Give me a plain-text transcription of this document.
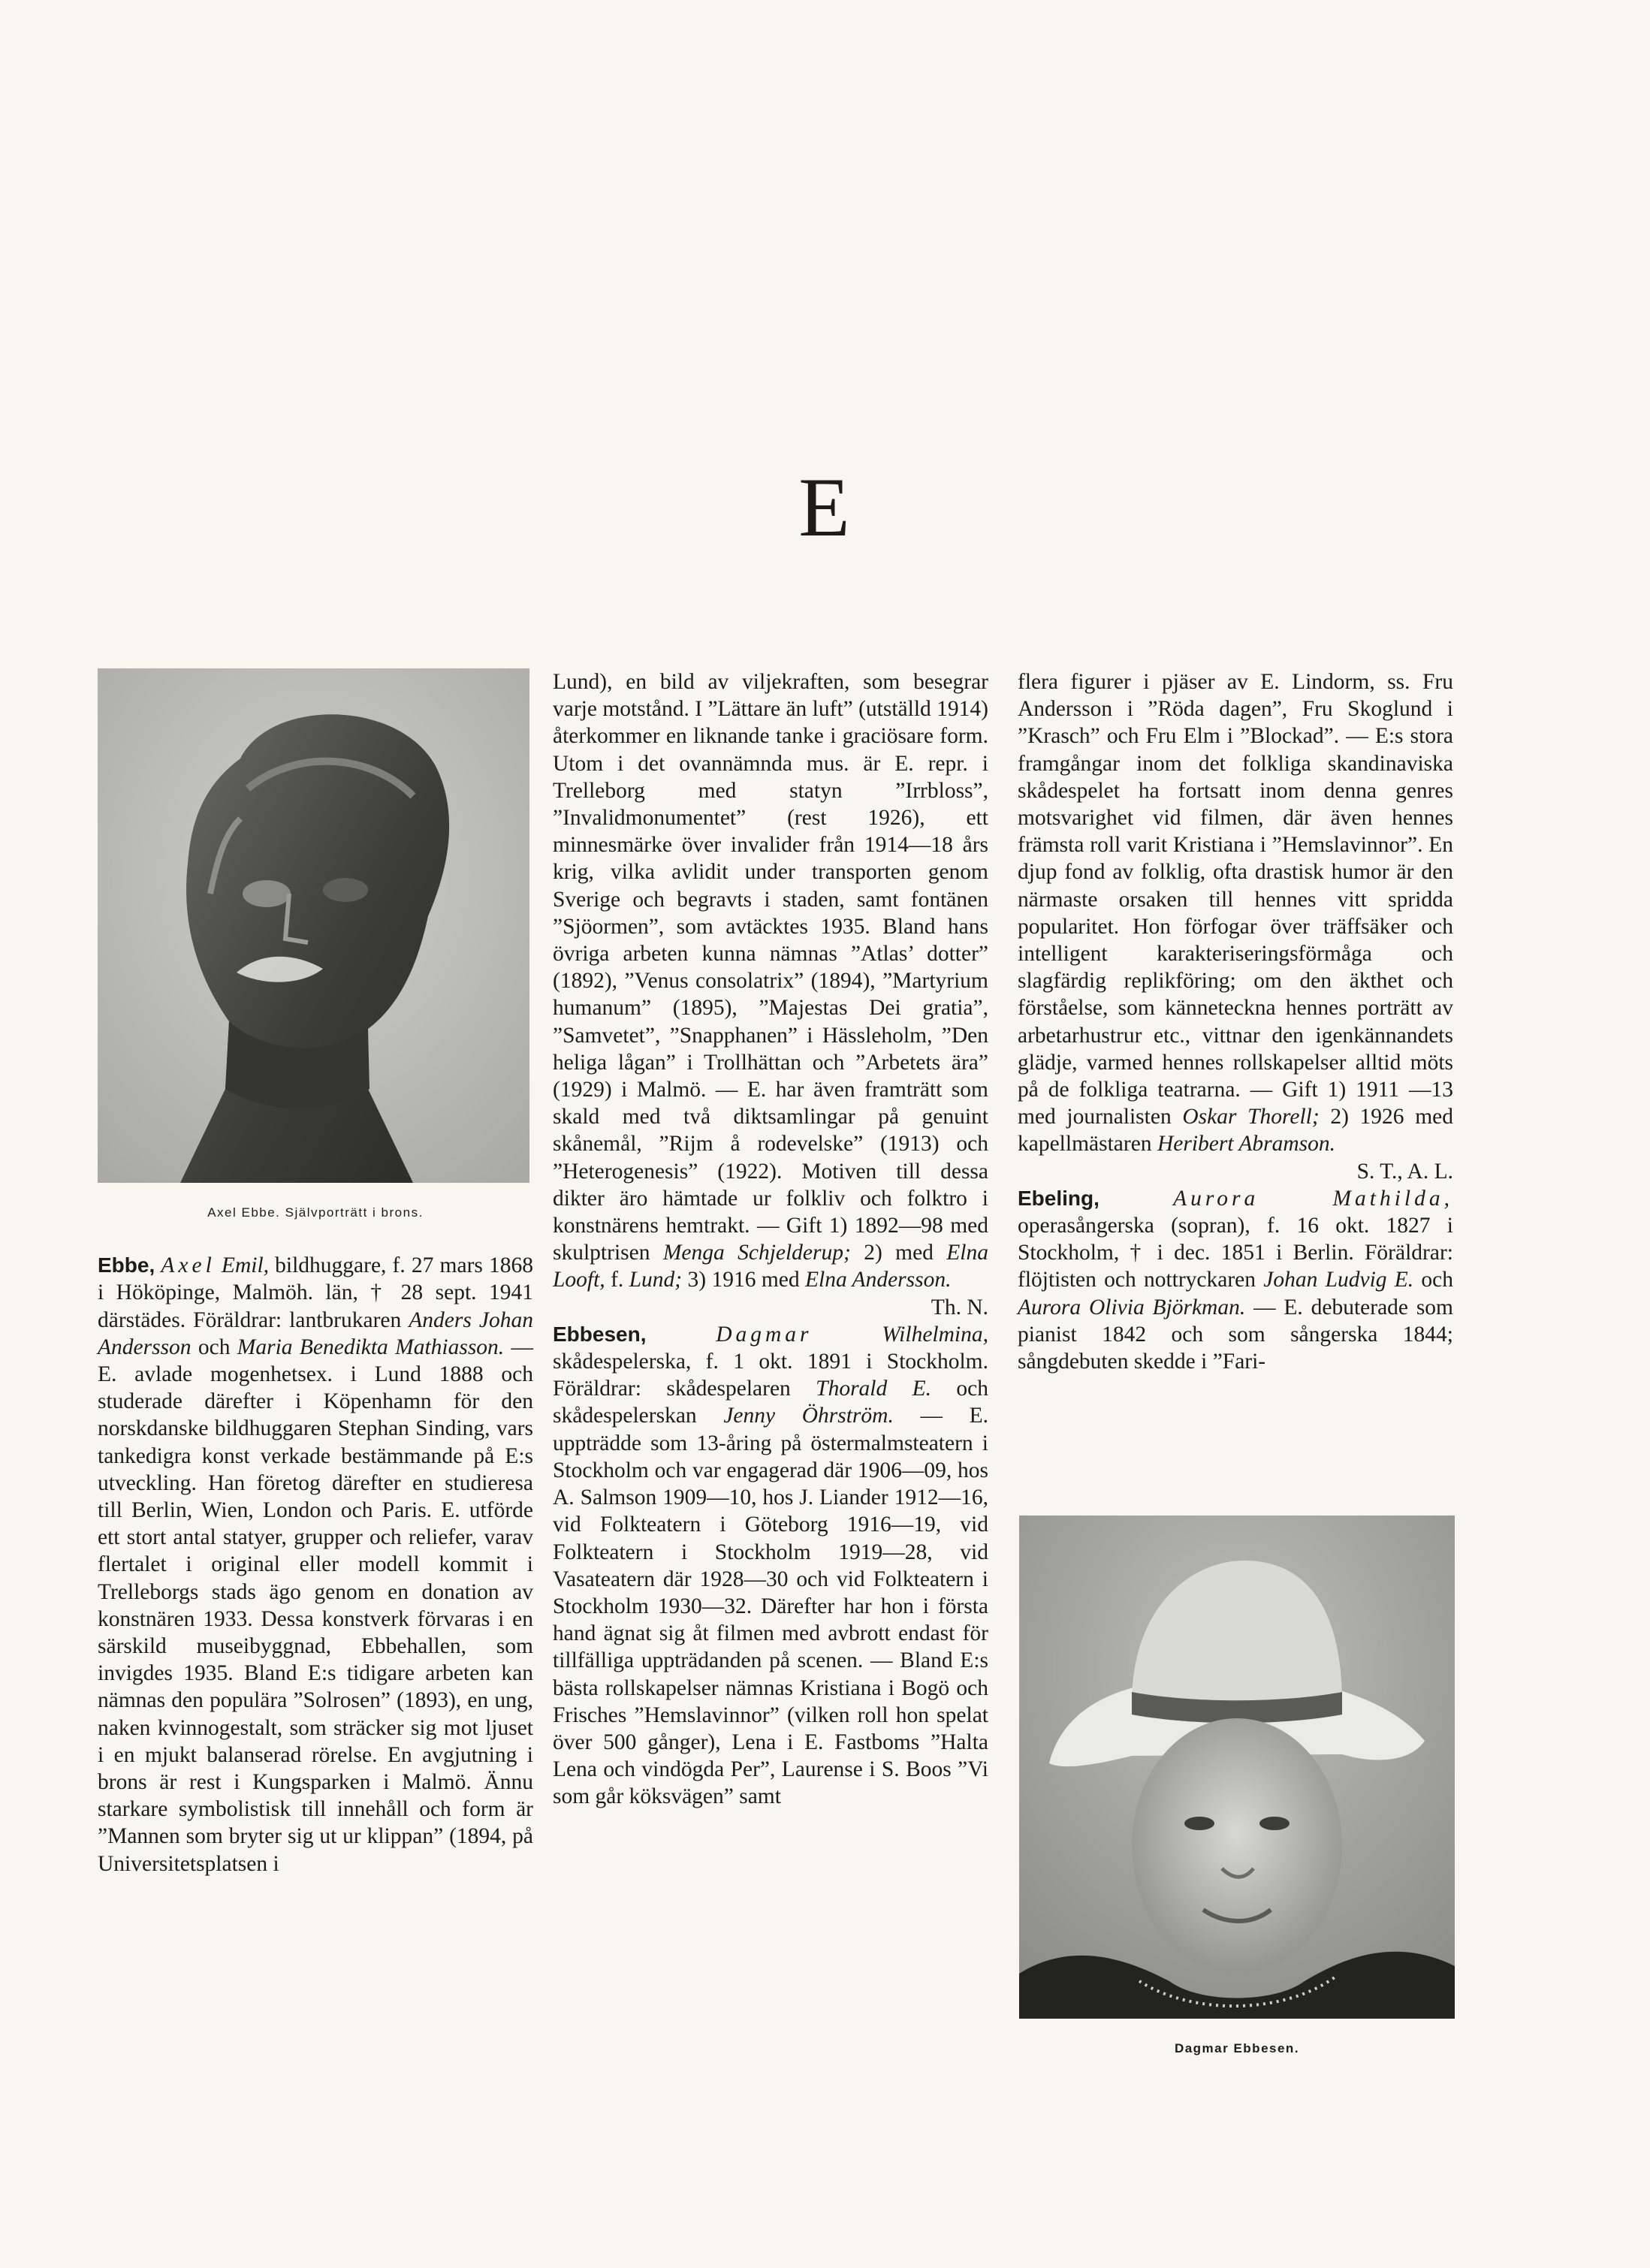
E
Axel Ebbe. Självporträtt i brons.

Ebbe, Axel Emil, bildhuggare, f. 27 mars 1868 i Hököpinge, Malmöh. län, † 28 sept. 1941 därstädes. Föräldrar: lantbrukaren Anders Johan Andersson och Maria Benedikta Mathiasson. — E. avlade mogenhetsex. i Lund 1888 och studerade därefter i Köpenhamn för den norskdanske bildhuggaren Stephan Sinding, vars tankedigra konst verkade bestämmande på E:s utveckling. Han företog därefter en studieresa till Berlin, Wien, London och Paris. E. utförde ett stort antal statyer, grupper och reliefer, varav flertalet i original eller modell kommit i Trelleborgs stads ägo genom en donation av konstnären 1933. Dessa konstverk förvaras i en särskild museibyggnad, Ebbehallen, som invigdes 1935. Bland E:s tidigare arbeten kan nämnas den populära ”Solrosen” (1893), en ung, naken kvinnogestalt, som sträcker sig mot ljuset i en mjukt balanserad rörelse. En avgjutning i brons är rest i Kungsparken i Malmö. Ännu starkare symbolistisk till innehåll och form är ”Mannen som bryter sig ut ur klippan” (1894, på Universitetsplatsen i

Lund), en bild av viljekraften, som besegrar varje motstånd. I ”Lättare än luft” (utställd 1914) återkommer en liknande tanke i graciösare form. Utom i det ovannämnda mus. är E. repr. i Trelleborg med statyn ”Irrbloss”, ”Invalidmonumentet” (rest 1926), ett minnesmärke över invalider från 1914—18 års krig, vilka avlidit under transporten genom Sverige och begravts i staden, samt fontänen ”Sjöormen”, som avtäcktes 1935. Bland hans övriga arbeten kunna nämnas ”Atlas’ dotter” (1892), ”Venus consolatrix” (1894), ”Martyrium humanum” (1895), ”Majestas Dei gratia”, ”Samvetet”, ”Snapphanen” i Hässleholm, ”Den heliga lågan” i Trollhättan och ”Arbetets ära” (1929) i Malmö. — E. har även framträtt som skald med två diktsamlingar på genuint skånemål, ”Rijm å rodevelske” (1913) och ”Heterogenesis” (1922). Motiven till dessa dikter äro hämtade ur folkliv och folktro i konstnärens hemtrakt. — Gift 1) 1892—98 med skulptrisen Menga Schjelderup; 2) med Elna Looft, f. Lund; 3) 1916 med Elna Andersson.

Th. N.

Ebbesen,	Dagmar	Wilhelmina, skådespelerska, f. 1 okt. 1891 i Stockholm. Föräldrar: skådespelaren Thorald E. och skådespelerskan Jenny Öhrström. — E. uppträdde som 13-åring på östermalmsteatern i Stockholm och var engagerad där 1906—09, hos A. Salmson 1909—10, hos J. Liander 1912—16, vid Folkteatern i Göteborg 1916—19, vid Folkteatern i Stockholm 1919—28, vid Vasateatern där 1928—30 och vid Folkteatern i Stockholm 1930—32. Därefter har hon i första hand ägnat sig åt filmen med avbrott endast för tillfälliga uppträdanden på scenen. — Bland E:s bästa rollskapelser nämnas Kristiana i Bogö och Frisches ”Hemslavinnor” (vilken roll hon spelat över 500 gånger), Lena i E. Fastboms ”Halta Lena och vindögda Per”, Laurense i S. Boos ”Vi som går köksvägen” samt

flera figurer i pjäser av E. Lindorm, ss. Fru Andersson i ”Röda dagen”, Fru Skoglund i ”Krasch” och Fru Elm i ”Blockad”. — E:s stora framgångar inom det folkliga skandinaviska skådespelet ha fortsatt inom denna genres motsvarighet vid filmen, där även hennes främsta roll varit Kristiana i ”Hemslavinnor”. En djup fond av folklig, ofta drastisk humor är den närmaste orsaken till hennes vitt spridda popularitet. Hon förfogar över träffsäker och intelligent karakteriseringsförmåga och slagfärdig replikföring; om den äkthet och förståelse, som känneteckna hennes porträtt av arbetarhustrur etc., vittnar den igenkännandets glädje, varmed hennes rollskapelser alltid möts på de folkliga teatrarna. — Gift 1) 1911 —13 med journalisten Oskar Thorell; 2) 1926 med kapellmästaren Heribert Abramson.

S. T., A. L.

Ebeling,	Aurora	Mathilda, operasångerska (sopran), f. 16 okt. 1827 i Stockholm, † i dec. 1851 i Berlin. Föräldrar: flöjtisten och nottryckaren Johan Ludvig E. och Aurora Olivia Björkman. — E. debuterade som pianist 1842 och som sångerska 1844; sångdebuten skedde i ”Fari-

Dagmar Ebbesen.
